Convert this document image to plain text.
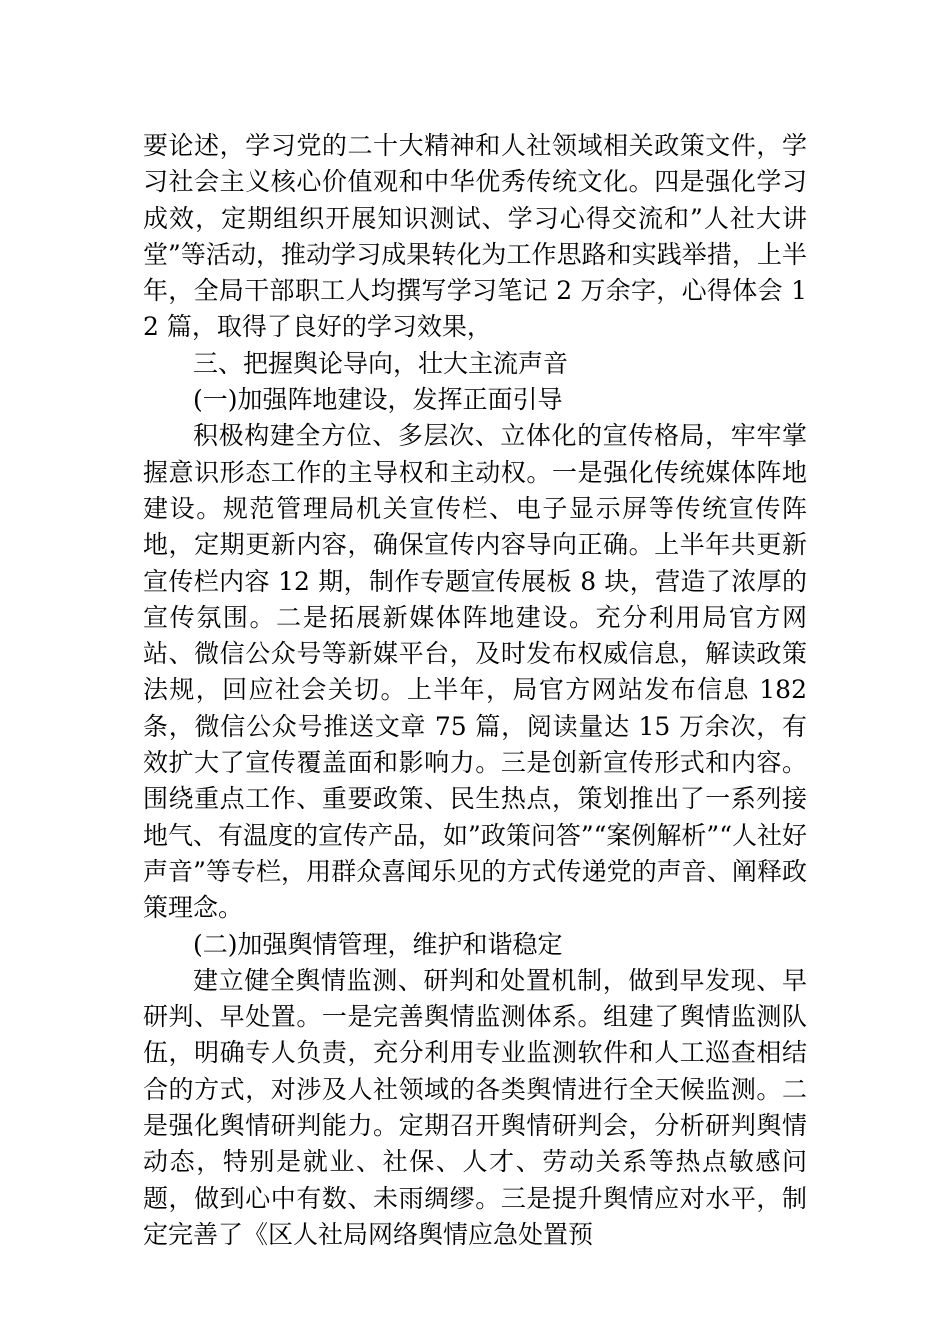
要论述，学习党的二十大精神和人社领域相关政策文件，学习社会主义核心价值观和中华优秀传统文化。四是强化学习成效，定期组织开展知识测试、学习心得交流和”人社大讲堂”等活动，推动学习成果转化为工作思路和实践举措，上半年，全局干部职工人均撰写学习笔记 2 万余字，心得体会 12 篇，取得了良好的学习效果，

三、把握舆论导向，壮大主流声音

(一)加强阵地建设，发挥正面引导

积极构建全方位、多层次、立体化的宣传格局，牢牢掌握意识形态工作的主导权和主动权。一是强化传统媒体阵地建设。规范管理局机关宣传栏、电子显示屏等传统宣传阵地，定期更新内容，确保宣传内容导向正确。上半年共更新宣传栏内容 12 期，制作专题宣传展板 8 块，营造了浓厚的宣传氛围。二是拓展新媒体阵地建设。充分利用局官方网站、微信公众号等新媒平台，及时发布权威信息，解读政策法规，回应社会关切。上半年，局官方网站发布信息 182 条，微信公众号推送文章 75 篇，阅读量达 15 万余次，有效扩大了宣传覆盖面和影响力。三是创新宣传形式和内容。围绕重点工作、重要政策、民生热点，策划推出了一系列接地气、有温度的宣传产品，如”政策问答”“案例解析”“人社好声音”等专栏，用群众喜闻乐见的方式传递党的声音、阐释政策理念。

(二)加强舆情管理，维护和谐稳定

建立健全舆情监测、研判和处置机制，做到早发现、早研判、早处置。一是完善舆情监测体系。组建了舆情监测队伍，明确专人负责，充分利用专业监测软件和人工巡查相结合的方式，对涉及人社领域的各类舆情进行全天候监测。二是强化舆情研判能力。定期召开舆情研判会，分析研判舆情动态，特别是就业、社保、人才、劳动关系等热点敏感问题，做到心中有数、未雨绸缪。三是提升舆情应对水平，制定完善了《区人社局网络舆情应急处置预
